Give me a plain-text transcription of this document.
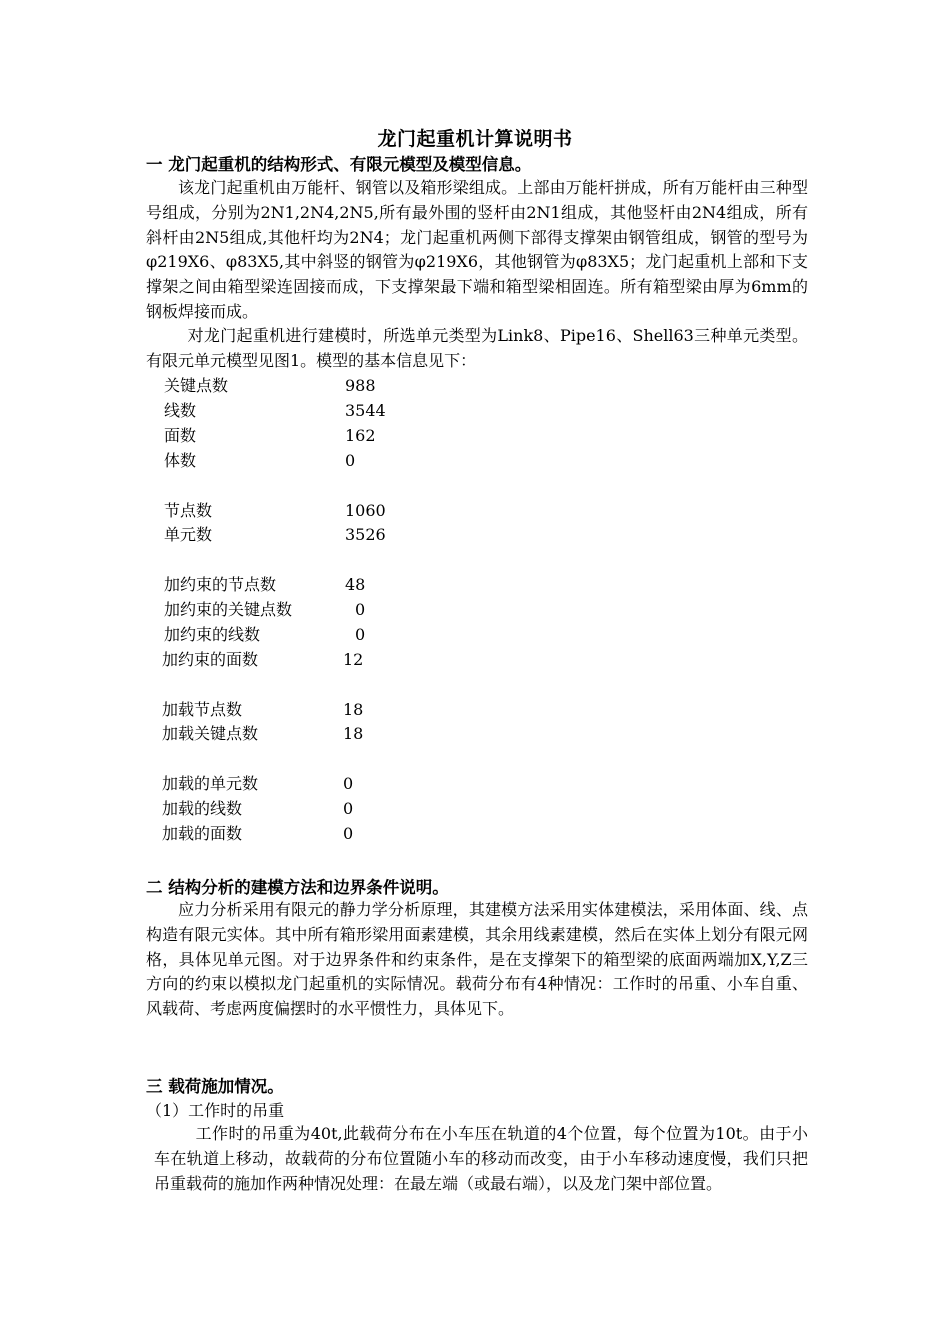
龙门起重机计算说明书
一 龙门起重机的结构形式、有限元模型及模型信息。
该龙门起重机由万能杆、钢管以及箱形梁组成。上部由万能杆拼成，所有万能杆由三种型号组成，分别为2N1,2N4,2N5,所有最外围的竖杆由2N1组成，其他竖杆由2N4组成，所有斜杆由2N5组成,其他杆均为2N4；龙门起重机两侧下部得支撑架由钢管组成，钢管的型号为φ219X6、φ83X5,其中斜竖的钢管为φ219X6，其他钢管为φ83X5；龙门起重机上部和下支撑架之间由箱型梁连固接而成，下支撑架最下端和箱型梁相固连。所有箱型梁由厚为6mm的钢板焊接而成。
对龙门起重机进行建模时，所选单元类型为Link8、Pipe16、Shell63三种单元类型。有限元单元模型见图1。模型的基本信息见下：
关键点数	988
线数	3544
面数	162
体数	0
节点数	1060
单元数	3526
加约束的节点数	48
加约束的关键点数	0
加约束的线数	0
加约束的面数	12
加载节点数	18
加载关键点数	18
加载的单元数	0
加载的线数	0
加载的面数	0
二 结构分析的建模方法和边界条件说明。
应力分析采用有限元的静力学分析原理，其建模方法采用实体建模法，采用体面、线、点构造有限元实体。其中所有箱形梁用面素建模，其余用线素建模，然后在实体上划分有限元网格，具体见单元图。对于边界条件和约束条件，是在支撑架下的箱型梁的底面两端加X,Y,Z三方向的约束以模拟龙门起重机的实际情况。载荷分布有4种情况：工作时的吊重、小车自重、风载荷、考虑两度偏摆时的水平惯性力，具体见下。
三 载荷施加情况。
（1）工作时的吊重
工作时的吊重为40t,此载荷分布在小车压在轨道的4个位置，每个位置为10t。由于小车在轨道上移动，故载荷的分布位置随小车的移动而改变，由于小车移动速度慢，我们只把吊重载荷的施加作两种情况处理：在最左端（或最右端），以及龙门架中部位置。
